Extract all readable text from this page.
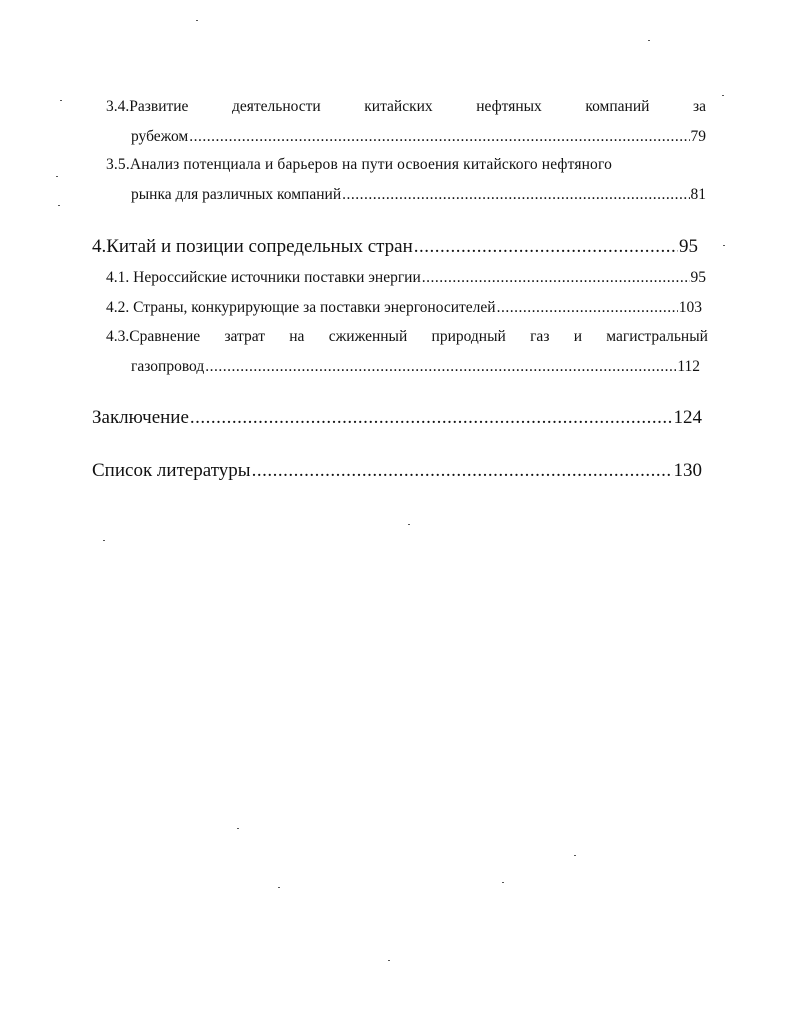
3.4.Развитие	деятельности	китайских	нефтяных	компаний	за
рубежом .....	79
3.5.Анализ потенциала и барьеров на пути освоения китайского нефтяного
рынка для различных компаний .....	81
4.Китай и позиции сопредельных стран .....	95
4.1. Нероссийские источники поставки энергии .....	95
4.2. Страны, конкурирующие за поставки энергоносителей .....	103
4.3.Сравнение затрат на сжиженный природный газ и магистральный
газопровод .....	112
Заключение .....	124
Список литературы .....	130
